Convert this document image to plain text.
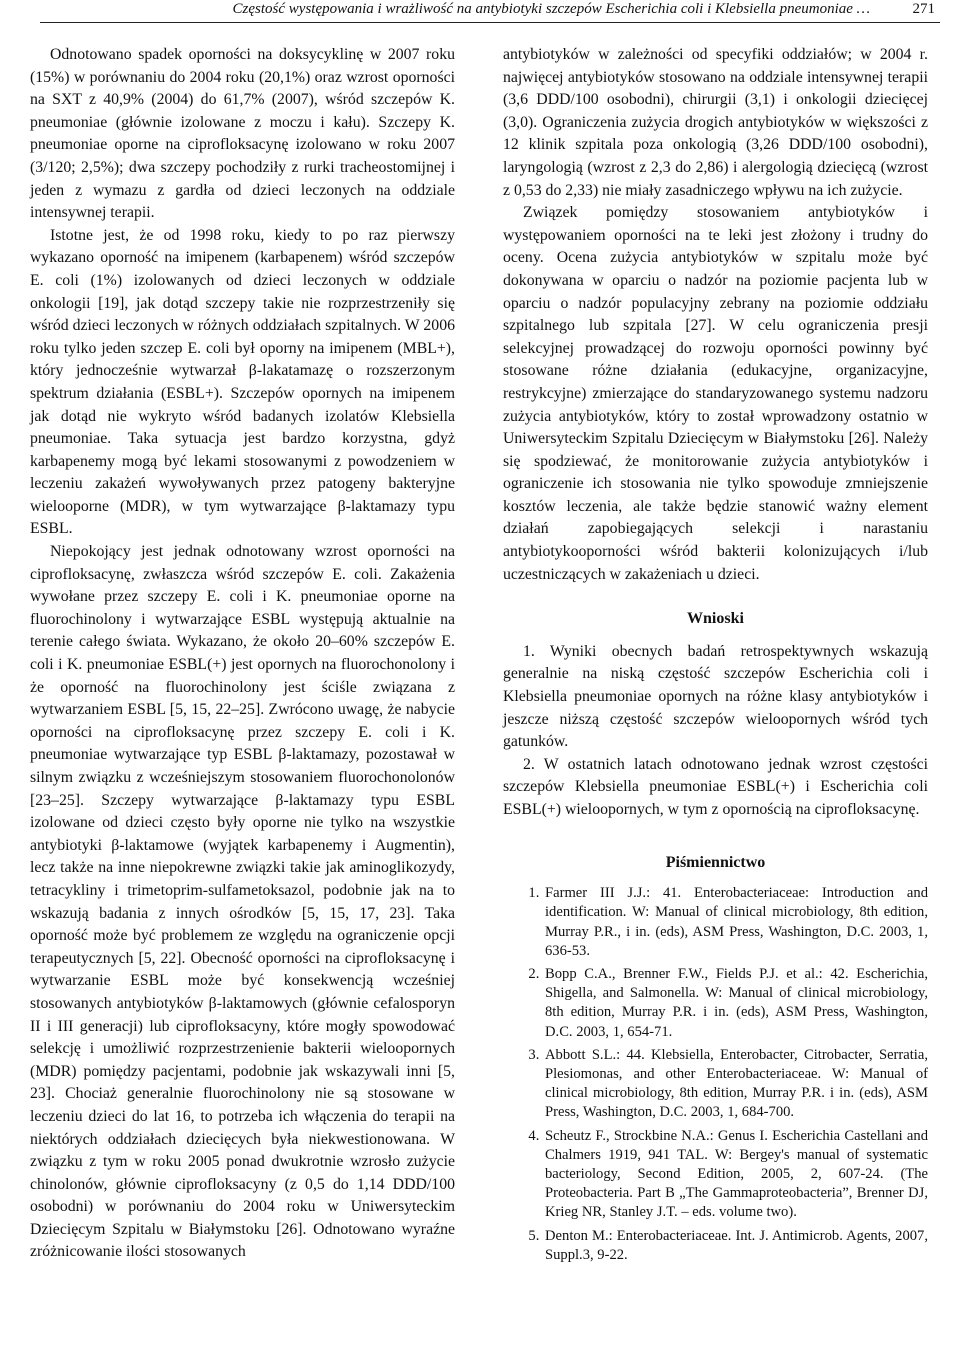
Częstość występowania i wrażliwość na antybiotyki szczepów Escherichia coli i Klebsiella pneumoniae …	271

Odnotowano spadek oporności na doksycyklinę w 2007 roku (15%) w porównaniu do 2004 roku (20,1%) oraz wzrost oporności na SXT z 40,9% (2004) do 61,7% (2007), wśród szczepów K. pneumoniae (głównie izolowane z moczu i kału). Szczepy K. pneumoniae oporne na ciprofloksacynę izolowano w roku 2007 (3/120; 2,5%); dwa szczepy pochodziły z rurki tracheostomijnej i jeden z wymazu z gardła od dzieci leczonych na oddziale intensywnej terapii.

Istotne jest, że od 1998 roku, kiedy to po raz pierwszy wykazano oporność na imipenem (karbapenem) wśród szczepów E. coli (1%) izolowanych od dzieci leczonych w oddziale onkologii [19], jak dotąd szczepy takie nie rozprzestrzeniły się wśród dzieci leczonych w różnych oddziałach szpitalnych. W 2006 roku tylko jeden szczep E. coli był oporny na imipenem (MBL+), który jednocześnie wytwarzał β-lakatamazę o rozszerzonym spektrum działania (ESBL+). Szczepów opornych na imipenem jak dotąd nie wykryto wśród badanych izolatów Klebsiella pneumoniae. Taka sytuacja jest bardzo korzystna, gdyż karbapenemy mogą być lekami stosowanymi z powodzeniem w leczeniu zakażeń wywoływanych przez patogeny bakteryjne wielooporne (MDR), w tym wytwarzające β-laktamazy typu ESBL.

Niepokojący jest jednak odnotowany wzrost oporności na ciprofloksacynę, zwłaszcza wśród szczepów E. coli. Zakażenia wywołane przez szczepy E. coli i K. pneumoniae oporne na fluorochinolony i wytwarzające ESBL występują aktualnie na terenie całego świata. Wykazano, że około 20–60% szczepów E. coli i K. pneumoniae ESBL(+) jest opornych na fluorochonolony i że oporność na fluorochinolony jest ściśle związana z wytwarzaniem ESBL [5, 15, 22–25]. Zwrócono uwagę, że nabycie oporności na ciprofloksacynę przez szczepy E. coli i K. pneumoniae wytwarzające typ ESBL β-laktamazy, pozostawał w silnym związku z wcześniejszym stosowaniem fluorochonolonów [23–25]. Szczepy wytwarzające β-laktamazy typu ESBL izolowane od dzieci często były oporne nie tylko na wszystkie antybiotyki β-laktamowe (wyjątek karbapenemy i Augmentin), lecz także na inne niepokrewne związki takie jak aminoglikozydy, tetracykliny i trimetoprim-sulfametoksazol, podobnie jak na to wskazują badania z innych ośrodków [5, 15, 17, 23]. Taka oporność może być problemem ze względu na ograniczenie opcji terapeutycznych [5, 22]. Obecność oporności na ciprofloksacynę i wytwarzanie ESBL może być konsekwencją wcześniej stosowanych antybiotyków β-laktamowych (głównie cefalosporyn II i III generacji) lub ciprofloksacyny, które mogły spowodować selekcję i umożliwić rozprzestrzenienie bakterii wieloopornych (MDR) pomiędzy pacjentami, podobnie jak wskazywali inni [5, 23]. Chociaż generalnie fluorochinolony nie są stosowane w leczeniu dzieci do lat 16, to potrzeba ich włączenia do terapii na niektórych oddziałach dziecięcych była niekwestionowana. W związku z tym w roku 2005 ponad dwukrotnie wzrosło zużycie chinolonów, głównie ciprofloksacyny (z 0,5 do 1,14 DDD/100 osobodni) w porównaniu do 2004 roku w Uniwersyteckim Dziecięcym Szpitalu w Białymstoku [26]. Odnotowano wyraźne zróżnicowanie ilości stosowanych

antybiotyków w zależności od specyfiki oddziałów; w 2004 r. najwięcej antybiotyków stosowano na oddziale intensywnej terapii (3,6 DDD/100 osobodni), chirurgii (3,1) i onkologii dziecięcej (3,0). Ograniczenia zużycia drogich antybiotyków w większości z 12 klinik szpitala poza onkologią (3,26 DDD/100 osobodni), laryngologią (wzrost z 2,3 do 2,86) i alergologią dziecięcą (wzrost z 0,53 do 2,33) nie miały zasadniczego wpływu na ich zużycie.

Związek pomiędzy stosowaniem antybiotyków i występowaniem oporności na te leki jest złożony i trudny do oceny. Ocena zużycia antybiotyków w szpitalu może być dokonywana w oparciu o nadzór na poziomie pacjenta lub w oparciu o nadzór populacyjny zebrany na poziomie oddziału szpitalnego lub szpitala [27]. W celu ograniczenia presji selekcyjnej prowadzącej do rozwoju oporności powinny być stosowane różne działania (edukacyjne, organizacyjne, restrykcyjne) zmierzające do standaryzowanego systemu nadzoru zużycia antybiotyków, który to został wprowadzony ostatnio w Uniwersyteckim Szpitalu Dziecięcym w Białymstoku [26]. Należy się spodziewać, że monitorowanie zużycia antybiotyków i ograniczenie ich stosowania nie tylko spowoduje zmniejszenie kosztów leczenia, ale także będzie stanowić ważny element działań zapobiegających selekcji i narastaniu antybiotykooporności wśród bakterii kolonizujących i/lub uczestniczących w zakażeniach u dzieci.

Wnioski

1. Wyniki obecnych badań retrospektywnych wskazują generalnie na niską częstość szczepów Escherichia coli i Klebsiella pneumoniae opornych na różne klasy antybiotyków i jeszcze niższą częstość szczepów wieloopornych wśród tych gatunków.

2. W ostatnich latach odnotowano jednak wzrost częstości szczepów Klebsiella pneumoniae ESBL(+) i Escherichia coli ESBL(+) wieloopornych, w tym z opornością na ciprofloksacynę.

Piśmiennictwo
1. Farmer III J.J.: 41. Enterobacteriaceae: Introduction and identification. W: Manual of clinical microbiology, 8th edition, Murray P.R., i in. (eds), ASM Press, Washington, D.C. 2003, 1, 636-53.
2. Bopp C.A., Brenner F.W., Fields P.J. et al.: 42. Escherichia, Shigella, and Salmonella. W: Manual of clinical microbiology, 8th edition, Murray P.R. i in. (eds), ASM Press, Washington, D.C. 2003, 1, 654-71.
3. Abbott S.L.: 44. Klebsiella, Enterobacter, Citrobacter, Serratia, Plesiomonas, and other Enterobacteriaceae. W: Manual of clinical microbiology, 8th edition, Murray P.R. i in. (eds), ASM Press, Washington, D.C. 2003, 1, 684-700.
4. Scheutz F., Strockbine N.A.: Genus I. Escherichia Castellani and Chalmers 1919, 941 TAL. W: Bergey's manual of systematic bacteriology, Second Edition, 2005, 2, 607-24. (The Proteobacteria. Part B „The Gammaproteobacteria”, Brenner DJ, Krieg NR, Stanley J.T. – eds. volume two).
5. Denton M.: Enterobacteriaceae. Int. J. Antimicrob. Agents, 2007, Suppl.3, 9-22.
